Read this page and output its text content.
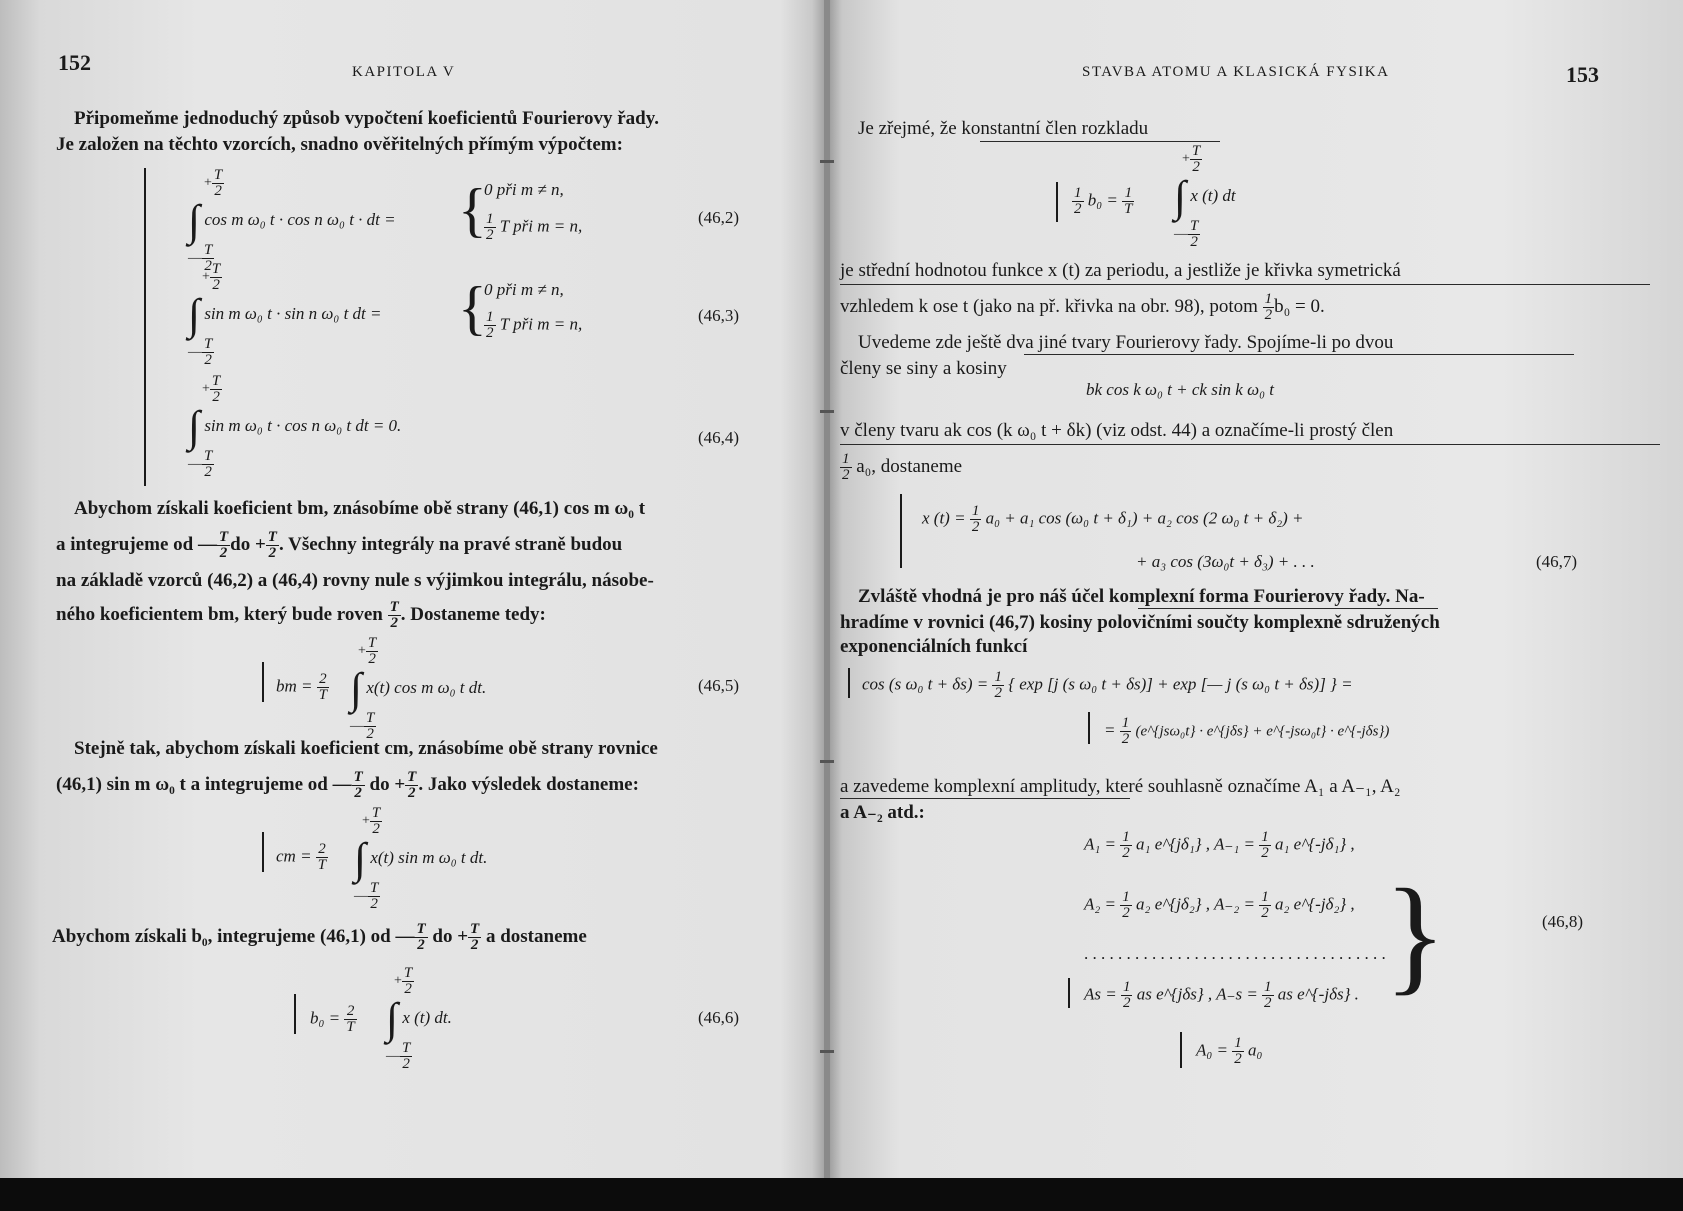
152	KAPITOLA V
Připomeňme jednoduchý způsob vypočtení koeficientů Fourierovy řady.
Je založen na těchto vzorcích, snadno ověřitelných přímým výpočtem:
+ $\frac{T}{2}$
∫ cos m ω₀ t · cos n ω₀ t · dt =
— $\frac{T}{2}$
{
0 při m ≠ n,
$\frac{1}{2}$ T při m = n,	(46,2)
+ $\frac{T}{2}$
∫ sin m ω₀ t · sin n ω₀ t dt =
— $\frac{T}{2}$
{
0 při m ≠ n,
$\frac{1}{2}$ T při m = n,	(46,3)
+ $\frac{T}{2}$
∫ sin m ω₀ t · cos n ω₀ t dt = 0.
— $\frac{T}{2}$
(46,4)
Abychom získali koeficient bm, znásobíme obě strany (46,1) cos m ω₀ t
a integrujeme od — $\frac{T}{2}$ do + $\frac{T}{2}$ . Všechny integrály na pravé straně budou
na základě vzorců (46,2) a (46,4) rovny nule s výjimkou integrálu, násobe-
ného koeficientem bm, který bude roven $\frac{T}{2}$ . Dostaneme tedy:
bm = $\frac{2}{T}$
+ $\frac{T}{2}$
∫ x(t) cos m ω₀ t dt.
— $\frac{T}{2}$
(46,5)
Stejně tak, abychom získali koeficient cm, znásobíme obě strany rovnice
(46,1) sin m ω₀ t a integrujeme od — $\frac{T}{2}$ do + $\frac{T}{2}$ . Jako výsledek dostaneme:
cm = $\frac{2}{T}$
+ $\frac{T}{2}$
∫ x(t) sin m ω₀ t dt.
— $\frac{T}{2}$
Abychom získali b₀, integrujeme (46,1) od — $\frac{T}{2}$ do + $\frac{T}{2}$ a dostaneme
$b_0 = \frac{2}{T}$
+ $\frac{T}{2}$
∫ x (t) dt.
— $\frac{T}{2}$
(46,6)
STAVBA ATOMU A KLASICKÁ FYSIKA	153
Je zřejmé, že konstantní člen rozkladu
$\frac{1}{2} b_0 = \frac{1}{T}$
+ $\frac{T}{2}$
∫ x (t) dt
— $\frac{T}{2}$
je střední hodnotou funkce x (t) za periodu, a jestliže je křivka symetrická
vzhledem k ose t (jako na př. křivka na obr. 98), potom $\frac{1}{2} b_0 = 0$.
Uvedeme zde ještě dva jiné tvary Fourierovy řady. Spojíme-li po dvou
členy se siny a kosiny
bk cos k ω₀ t + ck sin k ω₀ t
v členy tvaru ak cos (k ω₀ t + δk) (viz odst. 44) a označíme-li prostý člen
$\frac{1}{2} a_0$, dostaneme
x $(t) = \frac{1}{2} a_0 + a_1$ cos (ω₀ t + δ₁) + a₂ cos (2 ω₀ t + δ₂) +
+ a₃ cos (3ω₀t + δ₃) + . . .	(46,7)
Zvláště vhodná je pro náš účel komplexní forma Fourierovy řady. Na-
hradíme v rovnici (46,7) kosiny polovičními součty komplexně sdružených
exponenciálních funkcí
cos (s ω₀ $t + \delta s) = \frac{1}{2}$ { exp [j (s ω₀ t + δs)] + exp [— j (s ω₀ t + δs)] } =
= $\frac{1}{2}$ (e^{jsω₀t} · e^{jδs} + e^{-jsω₀t} · e^{-jδs})
a zavedeme komplexní amplitudy, které souhlasně označíme A₁ a A₋₁, A₂
a A₋₂ atd.:
$A_1 = \frac{1}{2} a_1$ e^{jδ₁} , $A_{-1} = \frac{1}{2} a_1$ e^{-jδ₁} ,
$A_2 = \frac{1}{2} a_2$ e^{jδ₂} , $A_{-2} = \frac{1}{2} a_2$ e^{-jδ₂} ,
. . . . . . . . . . . . . . . . . . . . . . . . . . . . . . . . . . . .
$As = \frac{1}{2}$ as e^{jδs} , $A_-s = \frac{1}{2}$ as e^{-jδs} . }	(46,8)
$A_0 = \frac{1}{2} a_0$
